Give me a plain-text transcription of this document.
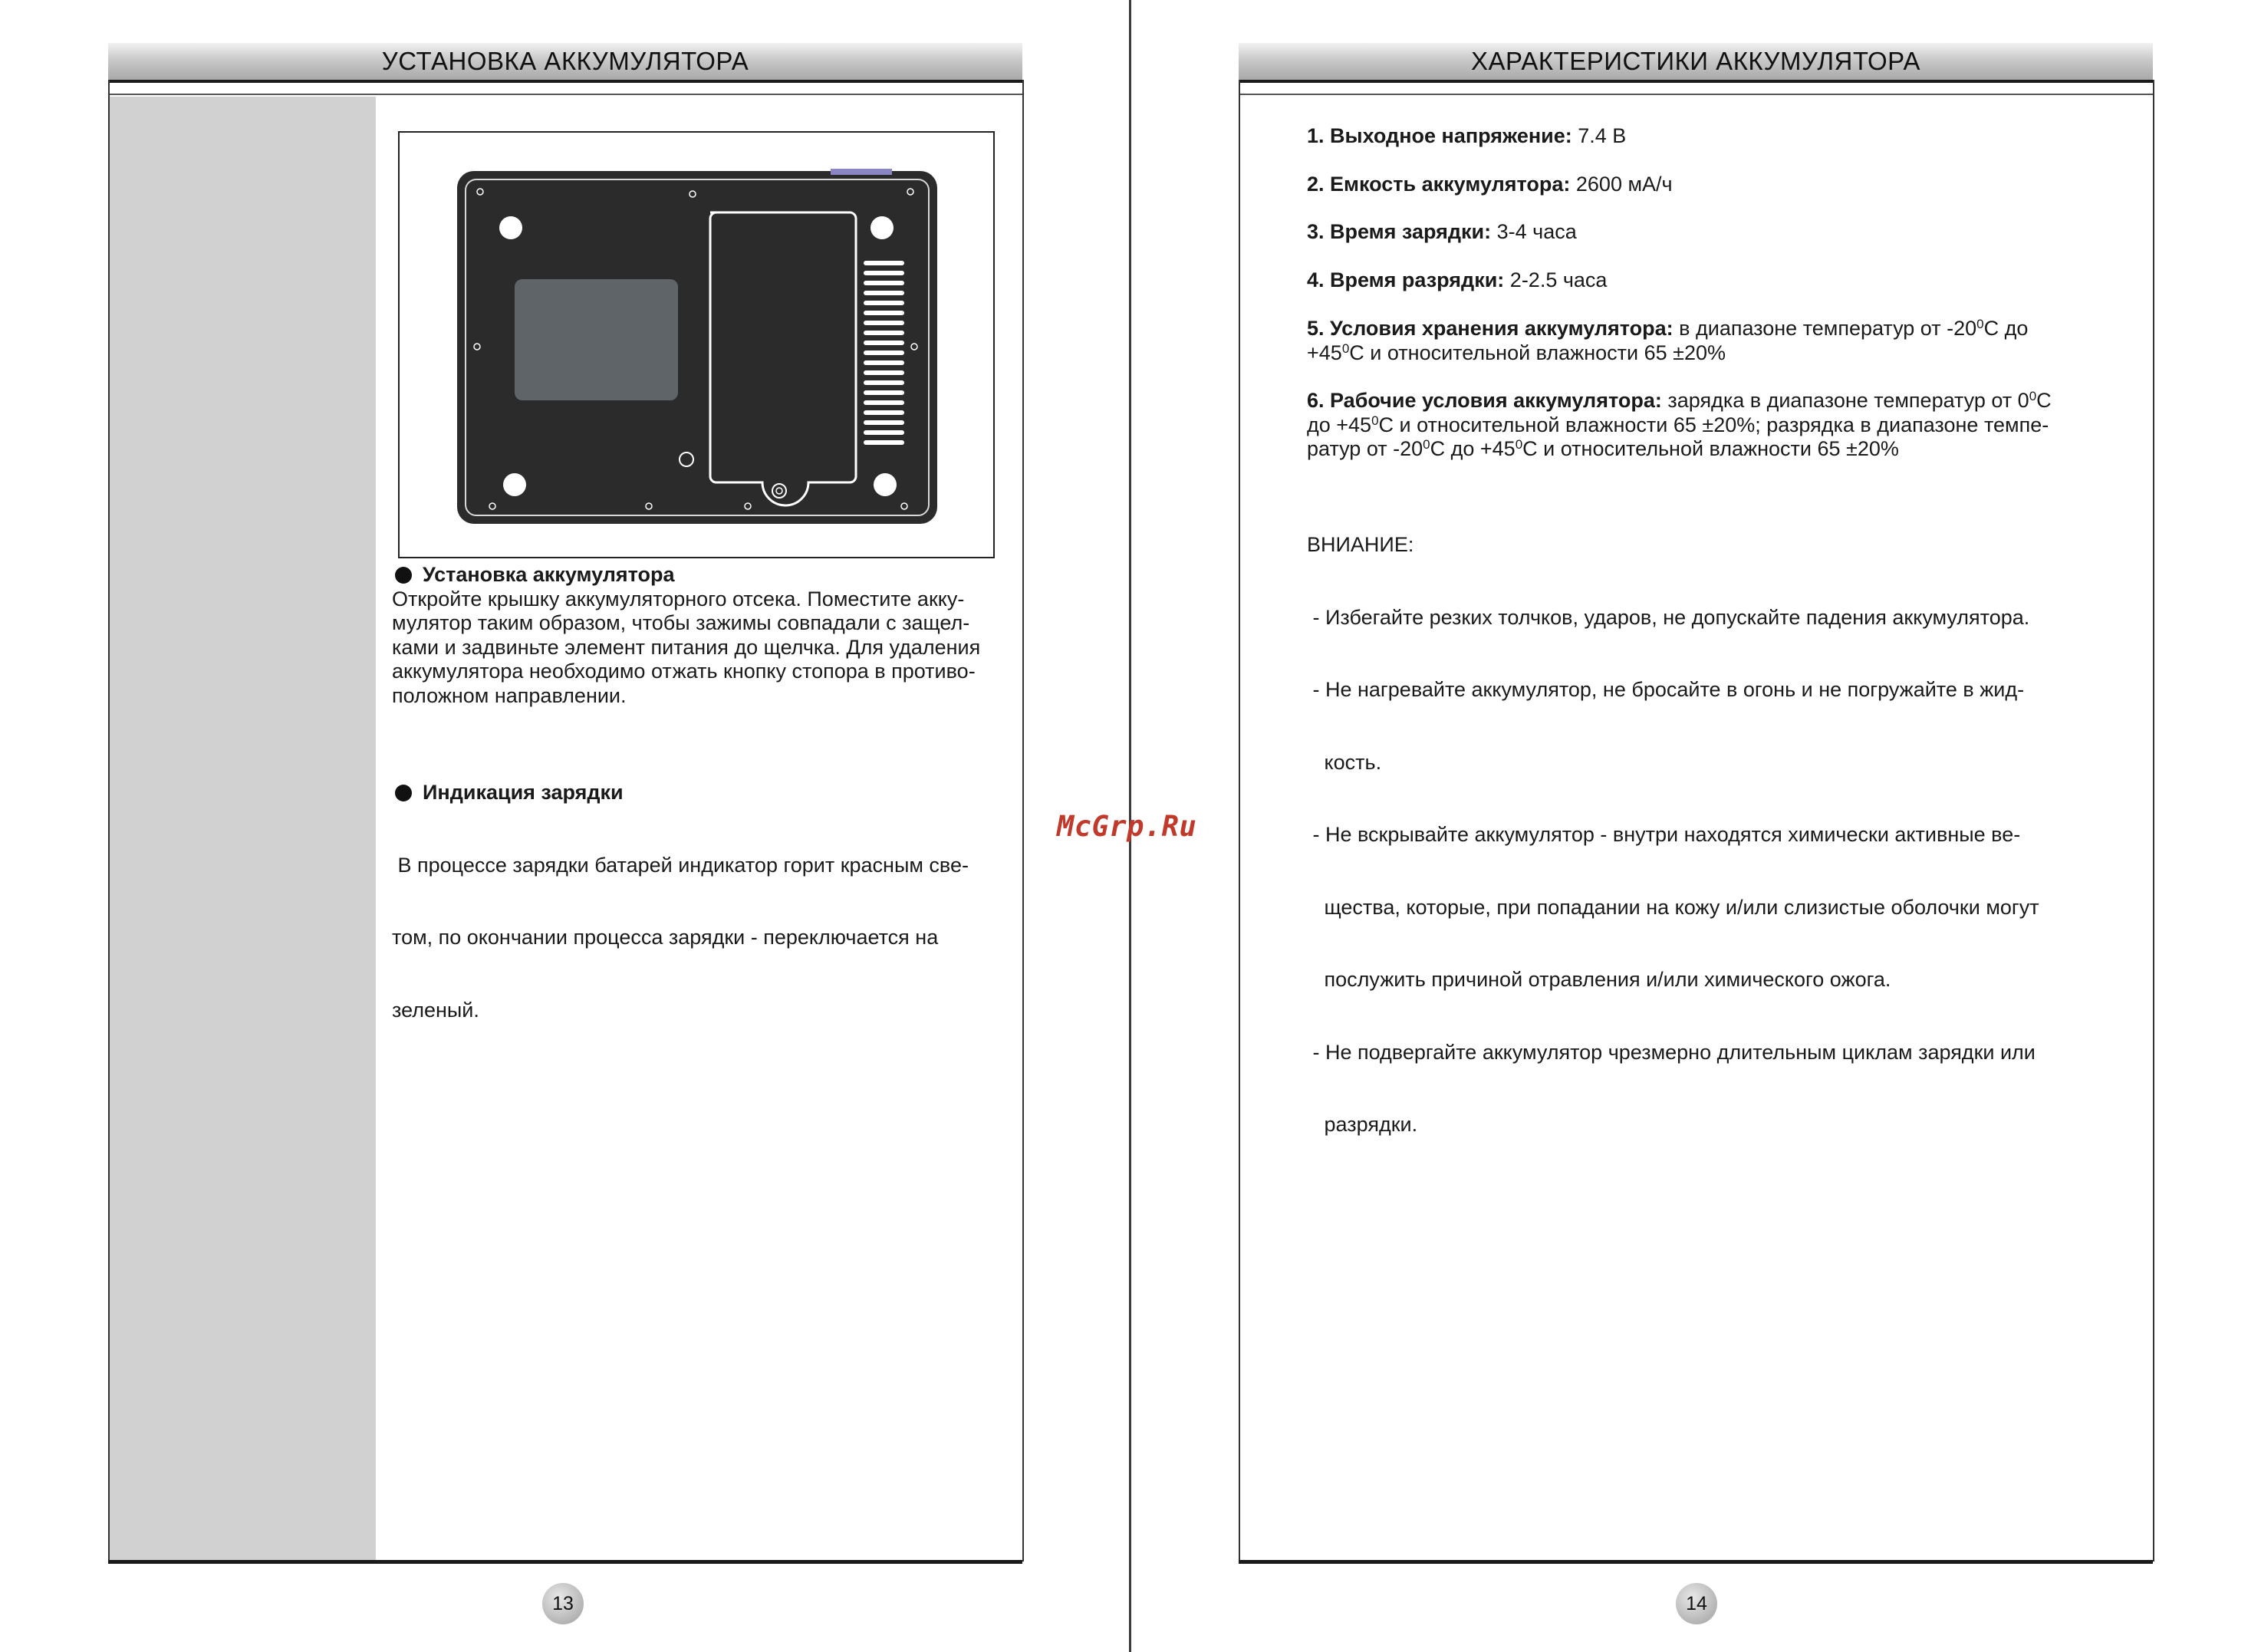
УСТАНОВКА АККУМУЛЯТОРА
Установка аккумулятора
Откройте крышку аккумуляторного отсека. Поместите акку-
мулятор таким образом, чтобы зажимы совпадали с защел-
ками и задвиньте элемент питания до щелчка. Для удаления
аккумулятора необходимо отжать кнопку стопора в противо-
положном направлении.

Индикация зарядки

В процессе зарядки батарей индикатор горит красным све-

том, по окончании процесса зарядки - переключается на

зеленый.

13
ХАРАКТЕРИСТИКИ АККУМУЛЯТОРА
14
1. Выходное напряжение: 7.4 В
2. Емкость аккумулятора: 2600 мА/ч
3. Время зарядки: 3-4 часа
4. Время разрядки: 2-2.5 часа
5. Условия хранения аккумулятора: в диапазоне температур от $-20^0C$ до
$+45^0C$ и относительной влажности 65 ±20%
6. Рабочие условия аккумулятора: зарядка в диапазоне температур от $0^0C$
до $+45^0C$ и относительной влажности 65 ±20%; разрядка в диапазоне темпе-
ратур от $-20^0C$ до $+45^0C$ и относительной влажности 65 ±20%

ВНИАНИЕ:

- Избегайте резких толчков, ударов, не допускайте падения аккумулятора.

- Не нагревайте аккумулятор, не бросайте в огонь и не погружайте в жид-

кость.

- Не вскрывайте аккумулятор - внутри находятся химически активные ве-

щества, которые, при попадании на кожу и/или слизистые оболочки могут

послужить причиной отравления и/или химического ожога.

- Не подвергайте аккумулятор чрезмерно длительным циклам зарядки или

разрядки.

McGrp.Ru
